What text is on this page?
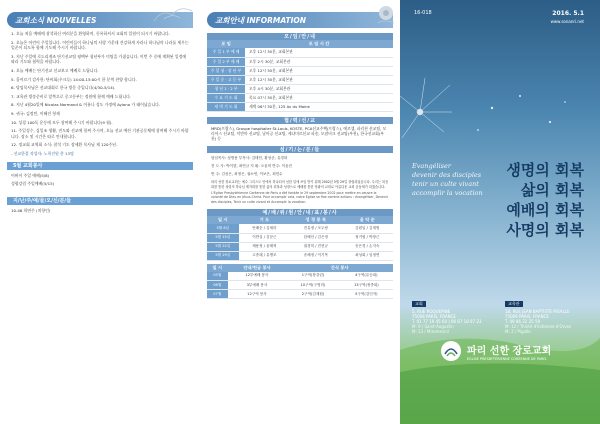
교회소식 NOUVELLES
1. 오늘 처음 예배에 참석하신 여러분을 환영하며, 등록하셔서 교회의 일원이 되시기 바랍니다.
2. 오늘은 어린이 주일입니다. 어린이들이 하나님의 사랑 가운데 건강하게 자라나 하나님의 나라를 세우는 일꾼이 되도록 함께 기도해 주시기 바랍니다.
3. 지난 주일에 로드리게즈 단기선교팀 평택부 청년부가 미팅을 가졌습니다. 이번 주 중에 계획된 일정에 따라 기도와 협력을 바랍니다.
4. 오늘 예배는 단기선교 선교보고 예배로 드립니다.
5. 홀어르기 감사헌: 단비회(우크루) 14:00-15:00시 한 분씩 찬양 합니다.
6. 당임목사님은 선교대회로 한국 방문 중입니다(4/30-5/14).
7. 교육관 방송준비로 앞쪽으로 중고등부는 정원에 함께 예배 드립니다.
8. 지난 4월20일에 Nicolas Normand & 이유나 성도 가정에 Ayiono 가 태어났습니다.
9. 귀국: 김정민, 이혜진 형제
10. 성경 100독 운동에 모두 참여해 주시기 바랍니다(9 월).
11. 주일성수, 십일조 생활, 전도와 선교에 힘써 주시며, 오늘 선교 예산 기관공동체에 참여해 주시기 바랍니다. 장소 및 시간은 따로 안내합니다.
12. 정교회 교역회 소식: 참석 기도 장세환 목사님 제 120주년.
- 선교한결 작성자: 노희진원 총 13명
5월 교회봉사
어버이 주일 예배(5/8)
성령강림 주일예배(5/15)
지/난/주/예/물/오/신/분/들
10-46 희연주 (치항인)
교회안내 INFORMATION
모/임/안/내
모 임	모 임 시 간
주 일 1 부 예 배	오후 12시 30분, 교회본관
주 일 2 부 예 배	오후 2시 30분, 교회본관
주 일 청 · 장 년 부	오후 12시 30분, 교회본관
주 일 중 · 고 등 부	오후 12시 30분, 교회본관
청 년 1 · 2 부	오후 4시 30분, 교회본관
수 요 기 도 회	목요 07시 30분, 교회본관
새 벽 기 도 회	새벽 06시 30분, 125 Av du Maine
협/력/선/교
MRD(프랑스), Groupe hospitalier St-Louis, KOSTE, PCA선교주택(프랑스), 에르셀, 파리천 선교팀, 모리셔스 선교팀, 미얀마 선교팀, 남아공 선교팀, 케냐미르선교 파송, 모잠비크 선교팀(부천), 한국선교회(부천) 등
섬/기/는/분/들
담임목사: 성명용 부목사: 김태민, 황성준, 유경화
전 도 사: 박이향, 최연규 지 휘: 오윤미 반주: 이윤진
반 주: 김성은, 최정은, 권소연, 이보은, 최민수
파리 선한 장로교회는 예수 그리스도 안에서 하나되어 선한 일에 쓰임 받기 위해 2002년 5월 29일 창립되었습니다. 우리는 복음화를 통한 성령의 하나님 제자화를 통한 삶의 회복과 성장으로 예배를 통한 영광의 교회로 아름다운 교회 공동체가 되겠습니다.
L'Eglise Presbytérienne Coréenne de Paris a été fondée le 29 septembre 2002 pour mettre en oeuvre la volonté de Dieu en Jésus-Christ. Pour accomplir cela, notre Eglise se fixe comme actions : évangéliser, Devenir des disciples, Tenir un culte vivant et Accomplir la vocation.
예/배/위/원/안/내/표/봉/사
일 시	기 도	성 경 봉 독	음 악 순
5월 8일	안배순 / 김세라	진유정 / 모두랑	김원일 / 김재범
5월 15일	이반실 / 김문근	한혜인 / 김은정	정기엽 / 박창근
5월 22일	채용정 / 윤태혁	권경미 / 진현규	송은경 / 손지숙
5월 29일	고종래 / 유병조	송혜정 / 이기목	최성희 / 임정연
일 시	안내/헌금 봉사	간식 봉사	
05월	12부예배 봉사	1구역(장강린)	4구역(유승희)
06월	3부예배 봉사	10구역(구영미)	13구역(정종희)
07월	12구역 봉사	2구역(김재원)	5구역(김인자)
16-018	2016. 5.1
www.sonanri.net
Evangéliser
devenir des disciples
tenir un culte vivant
accomplir la vocation
생명의 회복
삶의 회복
예배의 회복
사명의 회복
교회
5, RUE ROQUEPINE
75008 PARIS, FRANCE
T. 01 77 19 45 64 | 06 87 18 97 23
M: 9 / Saint-Augustin
M: 13 / Miromesnil
교육관
18, RUE JEAN BAPTISTE PIGALLE
75009 PARIS, FRANCE
T. 09 86 22 25 59
M: 12 / Trinité d'Estienne d'Orves
M: 2 / Pigalle
파리 선한 장로교회
EGLISE PRESBYTÉRIENNE CORÉENNE DE PARIS
